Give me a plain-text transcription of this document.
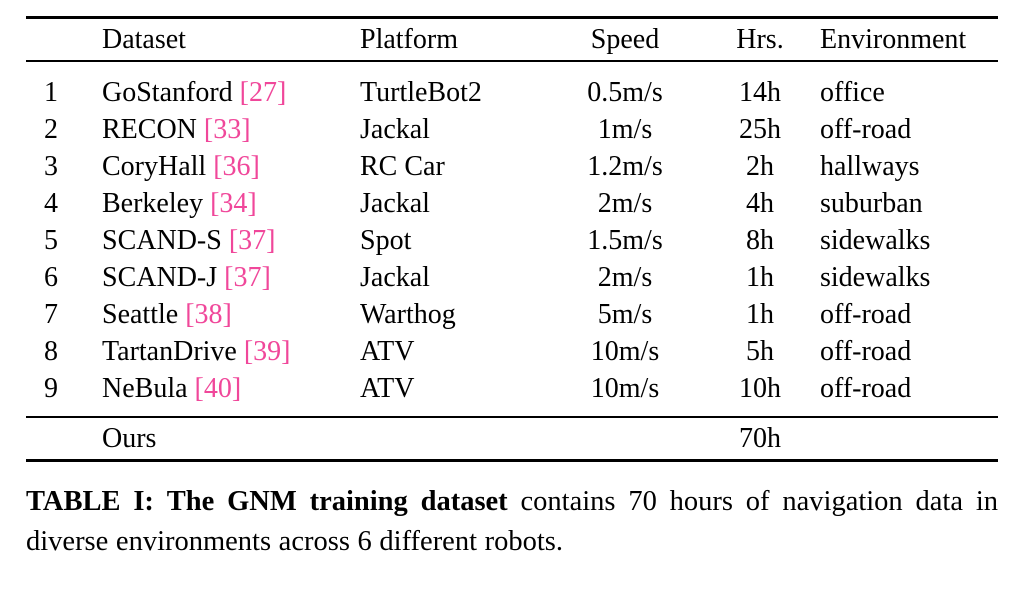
	Dataset	Platform	Speed	Hrs.	Environment

1	GoStanford [27]	TurtleBot2	0.5m/s	14h	office
2	RECON [33]	Jackal	1m/s	25h	off-road
3	CoryHall [36]	RC Car	1.2m/s	2h	hallways
4	Berkeley [34]	Jackal	2m/s	4h	suburban
5	SCAND-S [37]	Spot	1.5m/s	8h	sidewalks
6	SCAND-J [37]	Jackal	2m/s	1h	sidewalks
7	Seattle [38]	Warthog	5m/s	1h	off-road
8	TartanDrive [39]	ATV	10m/s	5h	off-road
9	NeBula [40]	ATV	10m/s	10h	off-road

	Ours			70h	

TABLE I: The GNM training dataset contains 70 hours of navigation data in diverse environments across 6 different robots.
